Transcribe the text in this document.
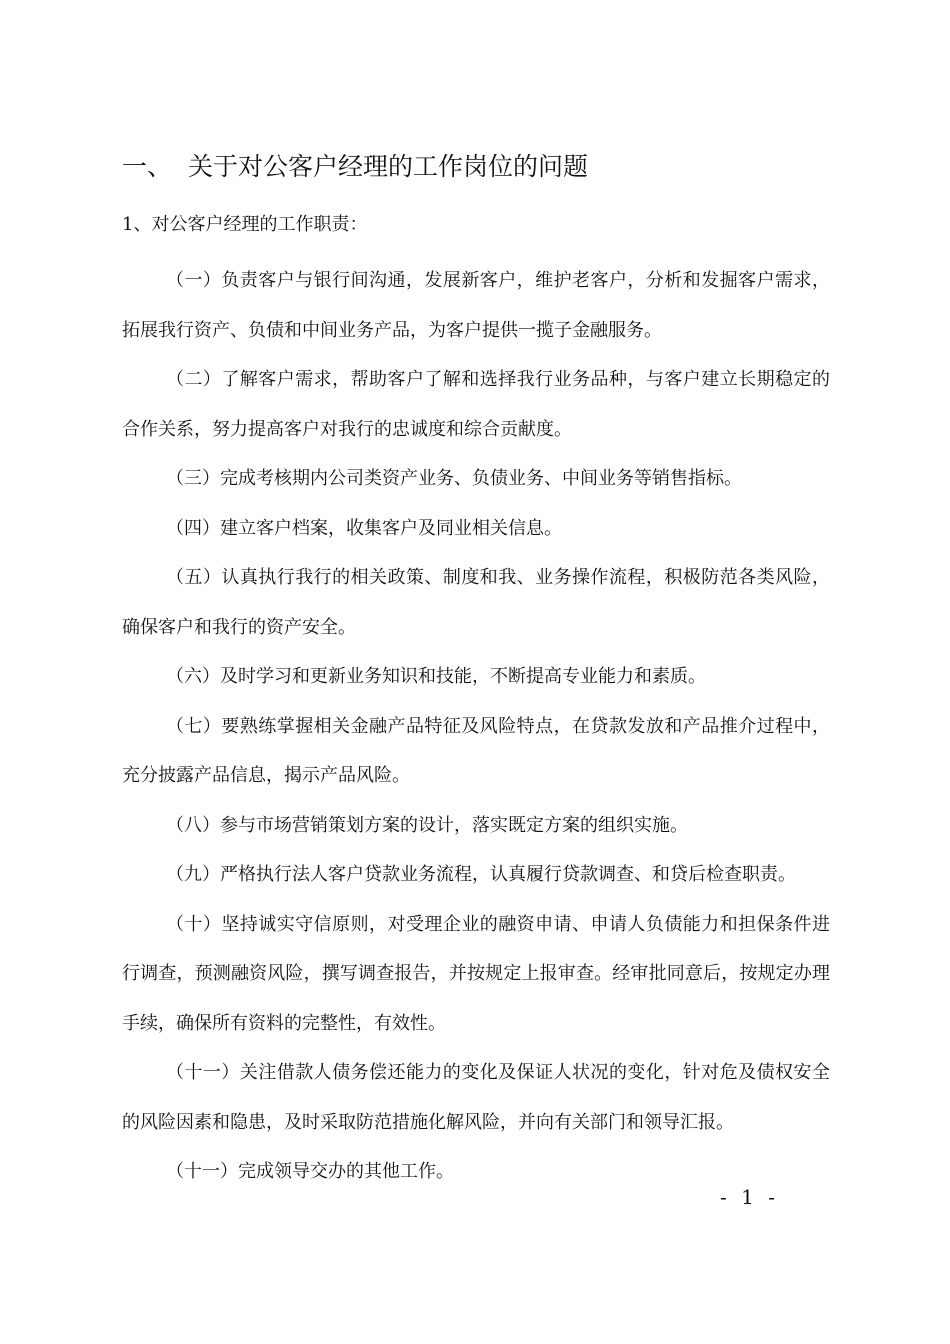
一、 关于对公客户经理的工作岗位的问题
1、对公客户经理的工作职责：

（一）负责客户与银行间沟通，发展新客户，维护老客户，分析和发掘客户需求，拓展我行资产、负债和中间业务产品，为客户提供一揽子金融服务。

（二）了解客户需求，帮助客户了解和选择我行业务品种，与客户建立长期稳定的合作关系，努力提高客户对我行的忠诚度和综合贡献度。

（三）完成考核期内公司类资产业务、负债业务、中间业务等销售指标。

（四）建立客户档案，收集客户及同业相关信息。

（五）认真执行我行的相关政策、制度和我、业务操作流程，积极防范各类风险，确保客户和我行的资产安全。

（六）及时学习和更新业务知识和技能，不断提高专业能力和素质。

（七）要熟练掌握相关金融产品特征及风险特点，在贷款发放和产品推介过程中，充分披露产品信息，揭示产品风险。

（八）参与市场营销策划方案的设计，落实既定方案的组织实施。

（九）严格执行法人客户贷款业务流程，认真履行贷款调查、和贷后检查职责。

（十）坚持诚实守信原则，对受理企业的融资申请、申请人负债能力和担保条件进行调查，预测融资风险，撰写调查报告，并按规定上报审查。经审批同意后，按规定办理手续，确保所有资料的完整性，有效性。

（十一）关注借款人债务偿还能力的变化及保证人状况的变化，针对危及债权安全的风险因素和隐患，及时采取防范措施化解风险，并向有关部门和领导汇报。

（十一）完成领导交办的其他工作。

- 1 -
